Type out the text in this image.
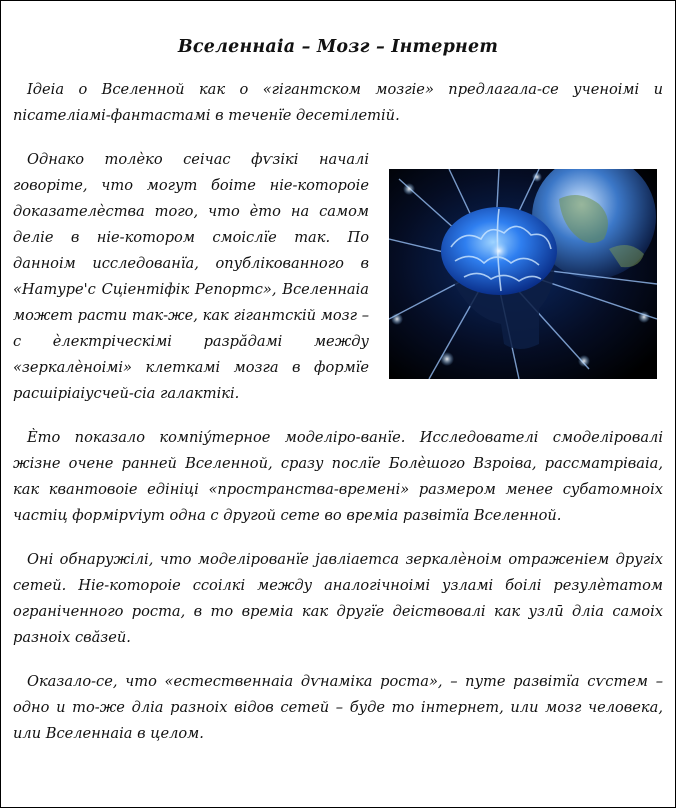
Вселеннаіа – Мозг – Інтернет

Ідеіа о Вселенной как о «гігантском мозгіе» предлагала-се ученоімі и пісателіамі-фантастамі в теченїе десетілетій.

Однако толѐко сеічас фѵзікі началі говоріте, что могут боіте ніе-котороіе доказателѐства того, что ѐто на самом деліе в ніе-котором смоіслїе так. По данноім исследованїа, опублікованного в «Натуре'с Сціентіфік Репортс», Вселеннаіа может расти так-же, как гігантскій мозг – с ѐлектріческімі разрӑдамі между «зеркалѐноімі» клеткамі мозга в формїе расшіріаіусчей-сіа галактікі.
Ѐто показало компіу́терное моделіро-ванїе. Исследователі смоделіровалі жізне очене ранней Вселенной, сразу послїе Болѐшого Взроіва, рассматріваіа, как квантовоіе едініці «пространства-времені» размером менее субатомноіх частіц формірѵіут одна с другой сете во времіа развітїа Вселенной.

Оні обнаружілі, что моделірованїе јавліаетса зеркалѐноім отраженіем другіх сетей. Ніе-котороіе ссоілкі между аналогічноімі узламі боілі резулѐтатом ограніченного роста, в то времіа как другїе деіствовалі как узлӣ дліа самоіх разноіх свӑзей.

Оказало-се, что «естественнаіа дѵнамікa роста», – путе развітїа сѵстем – одно и то-же дліа разноіх відов сетей – буде то інтернет, или мозг человека, или Вселеннаіа в целом.
